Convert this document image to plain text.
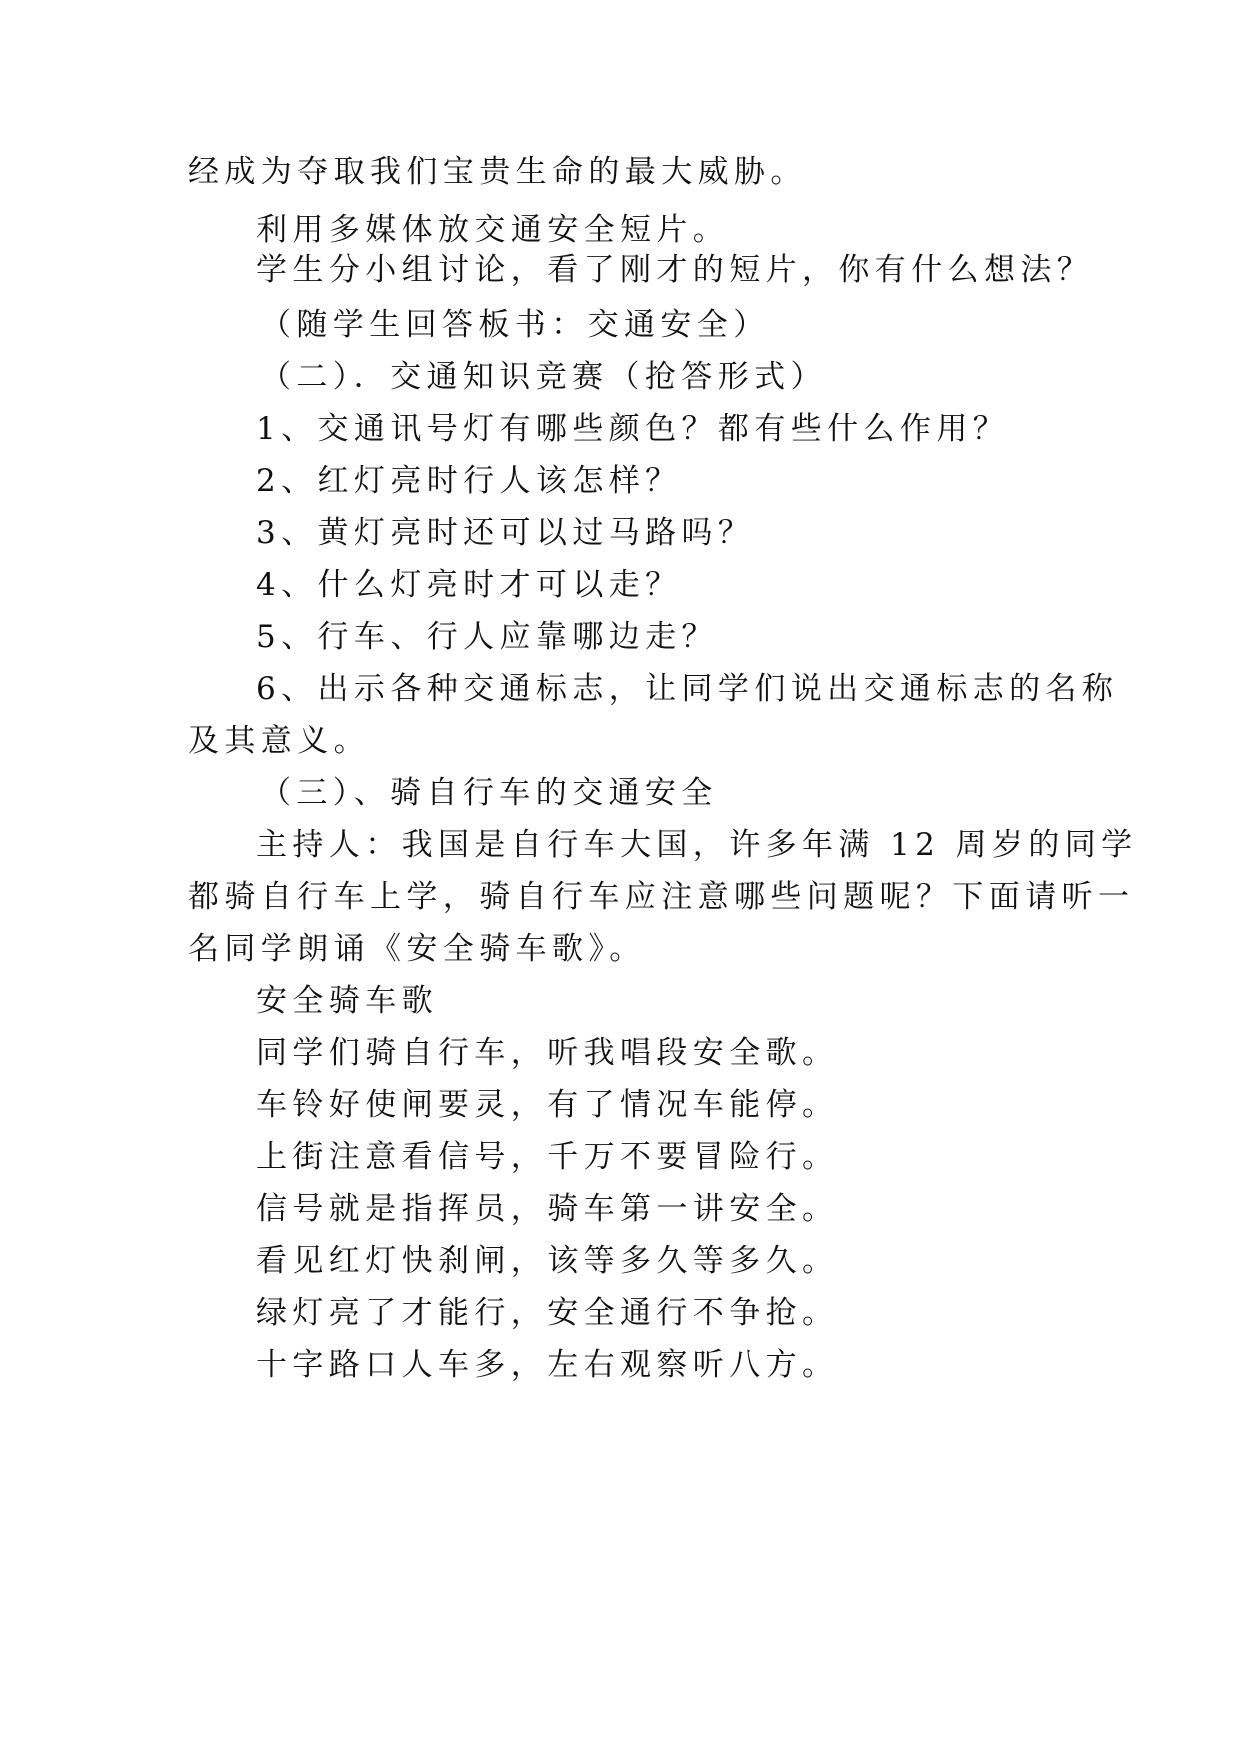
经成为夺取我们宝贵生命的最大威胁。
利用多媒体放交通安全短片。
学生分小组讨论，看了刚才的短片，你有什么想法？
（随学生回答板书：交通安全）
（二）．交通知识竞赛（抢答形式）
1、交通讯号灯有哪些颜色？都有些什么作用？
2、红灯亮时行人该怎样？
3、黄灯亮时还可以过马路吗？
4、什么灯亮时才可以走？
5、行车、行人应靠哪边走？
6、出示各种交通标志，让同学们说出交通标志的名称
及其意义。
（三）、骑自行车的交通安全
主持人：我国是自行车大国，许多年满 12 周岁的同学
都骑自行车上学，骑自行车应注意哪些问题呢？下面请听一
名同学朗诵《安全骑车歌》。
安全骑车歌
同学们骑自行车，听我唱段安全歌。
车铃好使闸要灵，有了情况车能停。
上街注意看信号，千万不要冒险行。
信号就是指挥员，骑车第一讲安全。
看见红灯快刹闸，该等多久等多久。
绿灯亮了才能行，安全通行不争抢。
十字路口人车多，左右观察听八方。
